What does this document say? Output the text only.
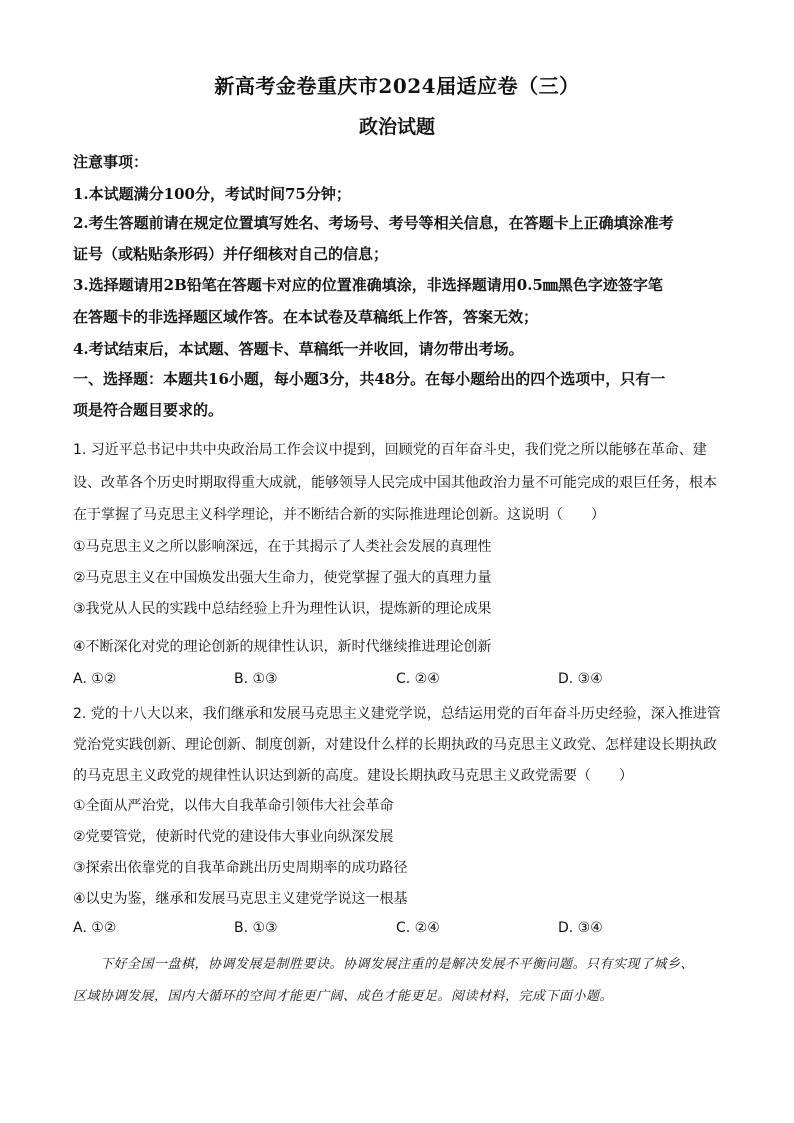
新高考金卷重庆市2024届适应卷（三）
政治试题
注意事项：
1.本试题满分100分，考试时间75分钟；
2.考生答题前请在规定位置填写姓名、考场号、考号等相关信息，在答题卡上正确填涂准考
证号（或粘贴条形码）并仔细核对自己的信息；
3.选择题请用2B铅笔在答题卡对应的位置准确填涂，非选择题请用0.5㎜黑色字迹签字笔
在答题卡的非选择题区域作答。在本试卷及草稿纸上作答，答案无效；
4.考试结束后，本试题、答题卡、草稿纸一并收回，请勿带出考场。
一、选择题：本题共16小题，每小题3分，共48分。在每小题给出的四个选项中，只有一
项是符合题目要求的。
1. 习近平总书记中共中央政治局工作会议中提到，回顾党的百年奋斗史，我们党之所以能够在革命、建
设、改革各个历史时期取得重大成就，能够领导人民完成中国其他政治力量不可能完成的艰巨任务，根本
在于掌握了马克思主义科学理论，并不断结合新的实际推进理论创新。这说明（　　）
①马克思主义之所以影响深远，在于其揭示了人类社会发展的真理性
②马克思主义在中国焕发出强大生命力，使党掌握了强大的真理力量
③我党从人民的实践中总结经验上升为理性认识，提炼新的理论成果
④不断深化对党的理论创新的规律性认识，新时代继续推进理论创新
A. ①②	B. ①③	C. ②④	D. ③④
2. 党的十八大以来，我们继承和发展马克思主义建党学说，总结运用党的百年奋斗历史经验，深入推进管
党治党实践创新、理论创新、制度创新，对建设什么样的长期执政的马克思主义政党、怎样建设长期执政
的马克思主义政党的规律性认识达到新的高度。建设长期执政马克思主义政党需要（　　）
①全面从严治党，以伟大自我革命引领伟大社会革命
②党要管党，使新时代党的建设伟大事业向纵深发展
③探索出依靠党的自我革命跳出历史周期率的成功路径
④以史为鉴，继承和发展马克思主义建党学说这一根基
A. ①②	B. ①③	C. ②④	D. ③④
　　下好全国一盘棋，协调发展是制胜要诀。协调发展注重的是解决发展不平衡问题。只有实现了城乡、
区域协调发展，国内大循环的空间才能更广阔、成色才能更足。阅读材料，完成下面小题。
